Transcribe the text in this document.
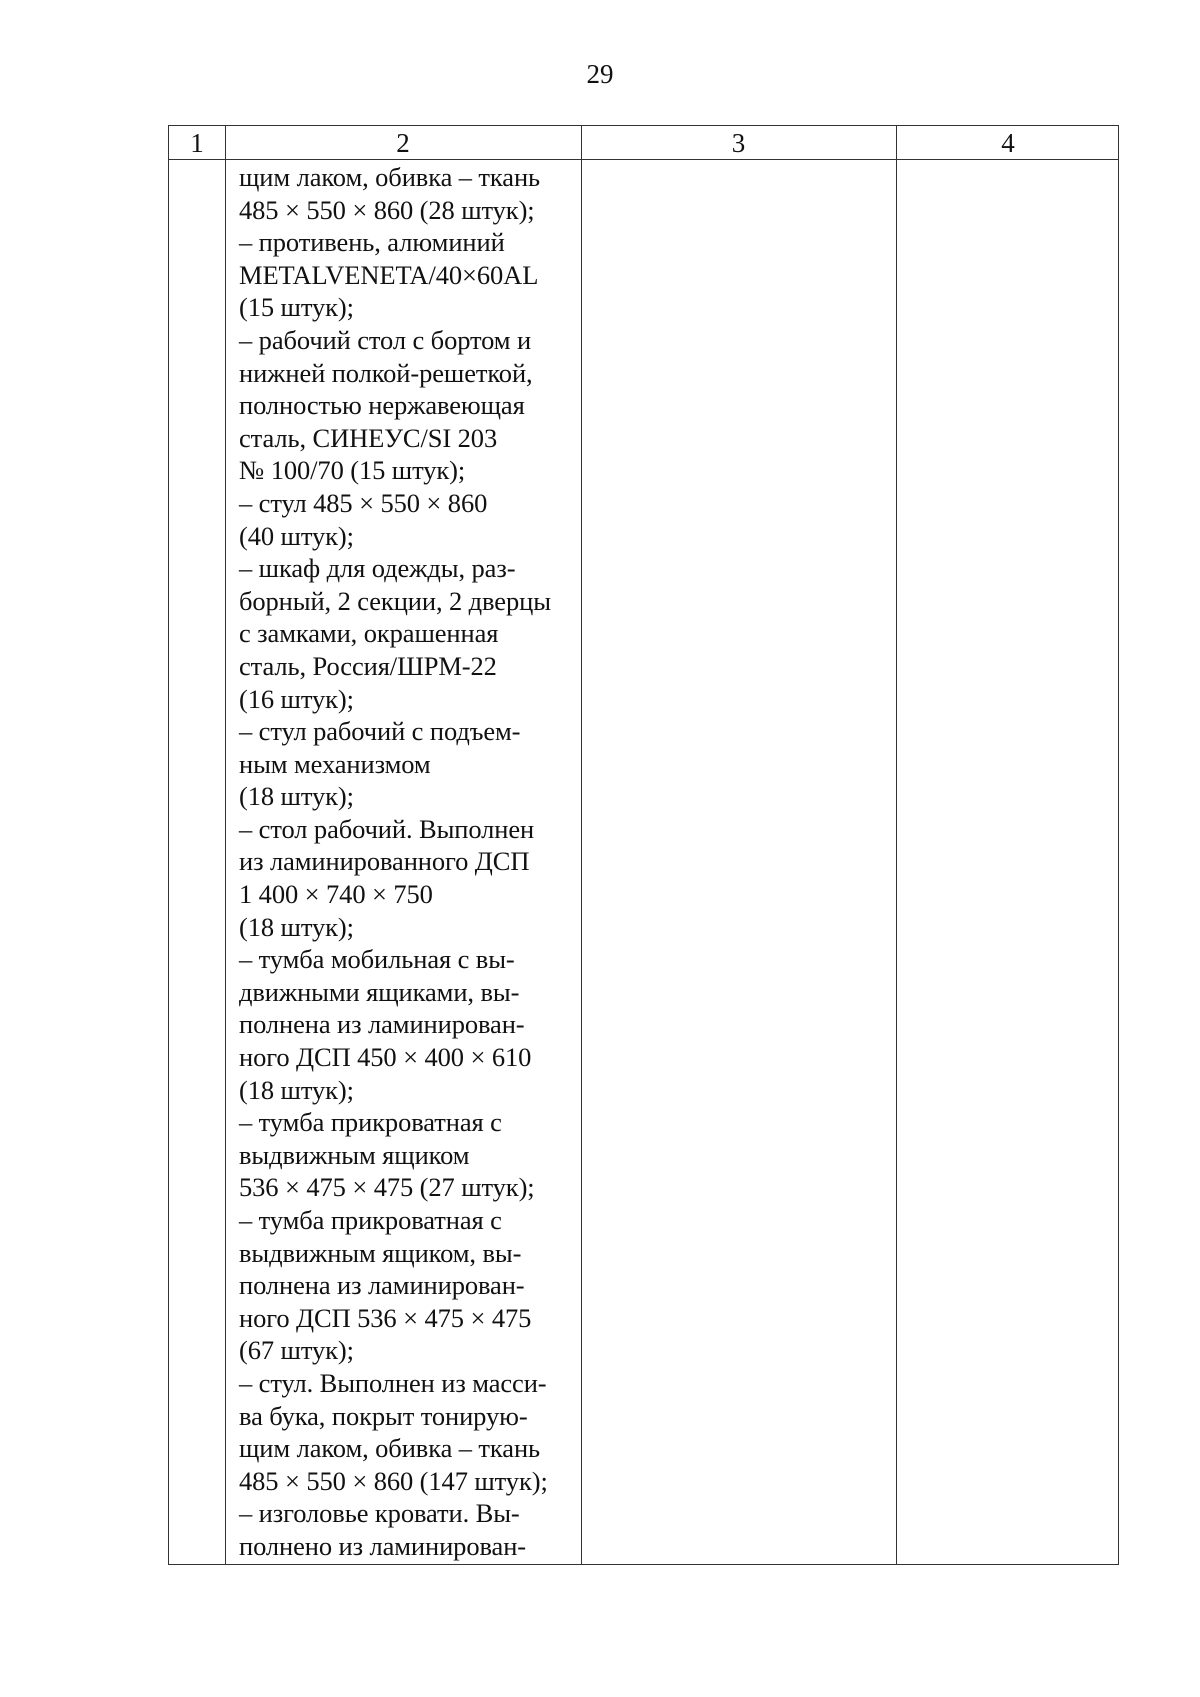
29
1	2	3	4
щим лаком, обивка – ткань
485 × 550 × 860 (28 штук);
– противень, алюминий
METALVENETA/40×60AL
(15 штук);
– рабочий стол с бортом и
нижней полкой-решеткой,
полностью нержавеющая
сталь, СИНЕУС/SI 203
№ 100/70 (15 штук);
– стул 485 × 550 × 860
(40 штук);
– шкаф для одежды, раз-
борный, 2 секции, 2 дверцы
с замками, окрашенная
сталь, Россия/ШРМ-22
(16 штук);
– стул рабочий с подъем-
ным механизмом
(18 штук);
– стол рабочий. Выполнен
из ламинированного ДСП
1 400 × 740 × 750
(18 штук);
– тумба мобильная с вы-
движными ящиками, вы-
полнена из ламинирован-
ного ДСП 450 × 400 × 610
(18 штук);
– тумба прикроватная с
выдвижным ящиком
536 × 475 × 475 (27 штук);
– тумба прикроватная с
выдвижным ящиком, вы-
полнена из ламинирован-
ного ДСП 536 × 475 × 475
(67 штук);
– стул. Выполнен из масси-
ва бука, покрыт тонирую-
щим лаком, обивка – ткань
485 × 550 × 860 (147 штук);
– изголовье кровати. Вы-
полнено из ламинирован-
